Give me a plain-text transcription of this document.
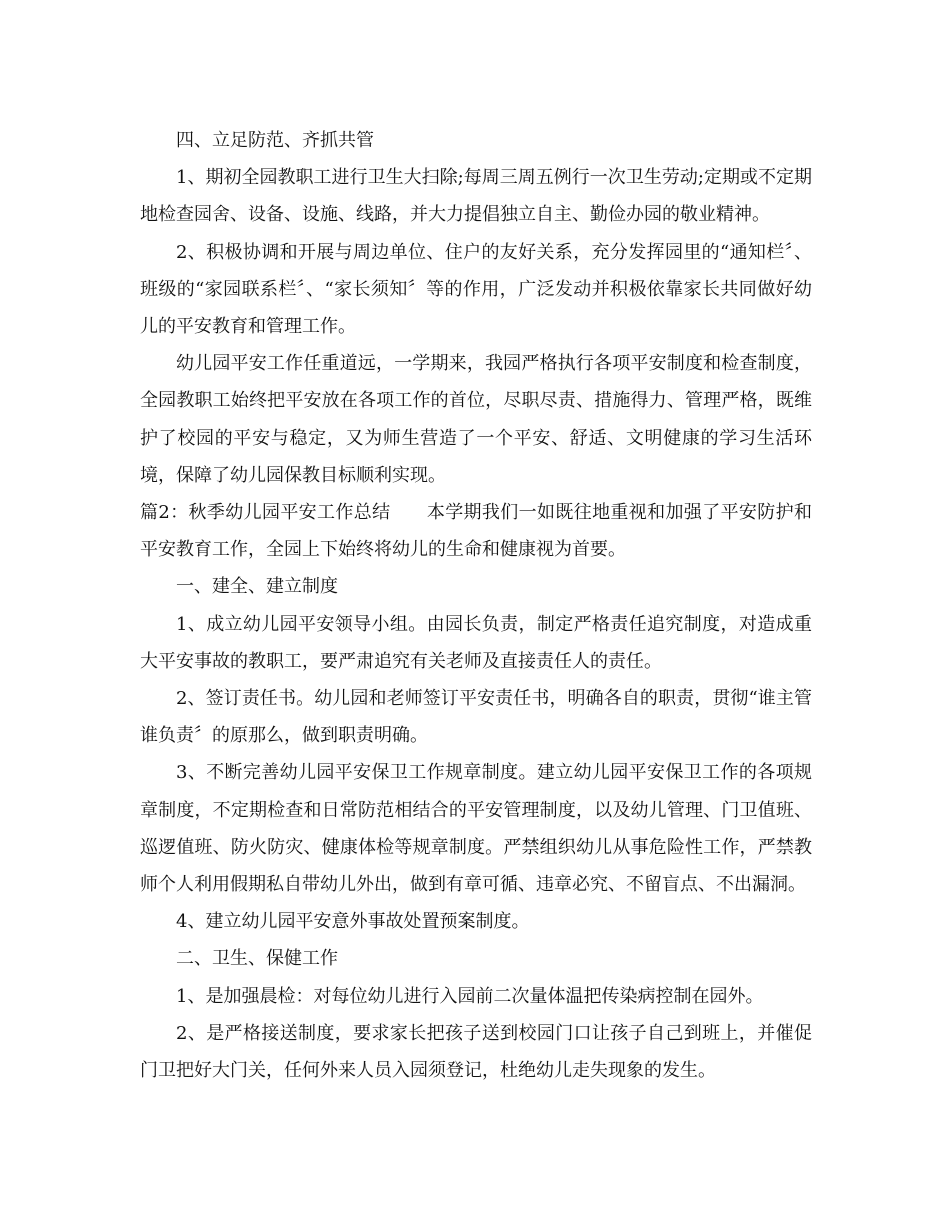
四、立足防范、齐抓共管

1、期初全园教职工进行卫生大扫除;每周三周五例行一次卫生劳动;定期或不定期地检查园舍、设备、设施、线路，并大力提倡独立自主、勤俭办园的敬业精神。

2、积极协调和开展与周边单位、住户的友好关系，充分发挥园里的“通知栏〞、班级的“家园联系栏〞、“家长须知〞等的作用，广泛发动并积极依靠家长共同做好幼儿的平安教育和管理工作。

幼儿园平安工作任重道远，一学期来，我园严格执行各项平安制度和检查制度，全园教职工始终把平安放在各项工作的首位，尽职尽责、措施得力、管理严格，既维护了校园的平安与稳定，又为师生营造了一个平安、舒适、文明健康的学习生活环境，保障了幼儿园保教目标顺利实现。

篇2：秋季幼儿园平安工作总结 本学期我们一如既往地重视和加强了平安防护和平安教育工作，全园上下始终将幼儿的生命和健康视为首要。

一、建全、建立制度

1、成立幼儿园平安领导小组。由园长负责，制定严格责任追究制度，对造成重大平安事故的教职工，要严肃追究有关老师及直接责任人的责任。

2、签订责任书。幼儿园和老师签订平安责任书，明确各自的职责，贯彻“谁主管谁负责〞的原那么，做到职责明确。

3、不断完善幼儿园平安保卫工作规章制度。建立幼儿园平安保卫工作的各项规章制度，不定期检查和日常防范相结合的平安管理制度，以及幼儿管理、门卫值班、巡逻值班、防火防灾、健康体检等规章制度。严禁组织幼儿从事危险性工作，严禁教师个人利用假期私自带幼儿外出，做到有章可循、违章必究、不留盲点、不出漏洞。

4、建立幼儿园平安意外事故处置预案制度。

二、卫生、保健工作

1、是加强晨检：对每位幼儿进行入园前二次量体温把传染病控制在园外。

2、是严格接送制度，要求家长把孩子送到校园门口让孩子自己到班上，并催促门卫把好大门关，任何外来人员入园须登记，杜绝幼儿走失现象的发生。
